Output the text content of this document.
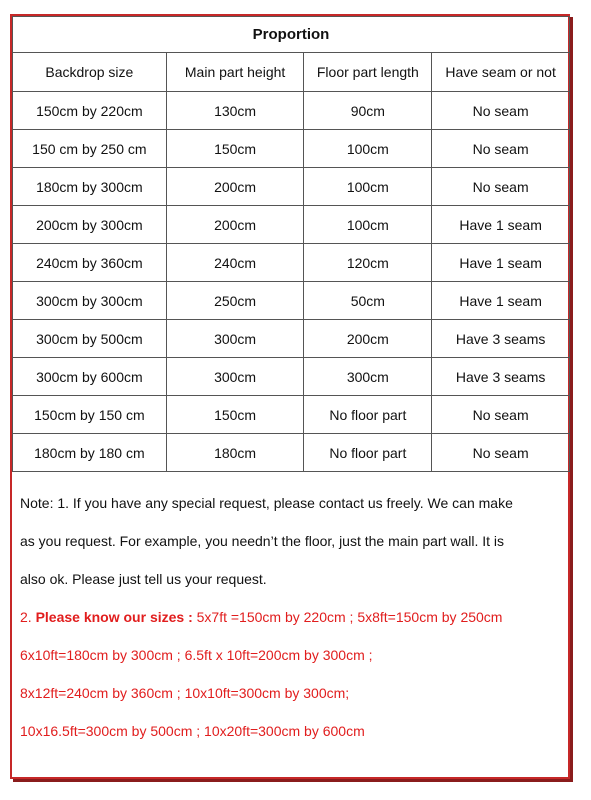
Proportion			
Backdrop size	Main part height	Floor part length	Have seam or not
150cm by 220cm	130cm	90cm	No seam
150 cm by 250 cm	150cm	100cm	No seam
180cm by 300cm	200cm	100cm	No seam
200cm by 300cm	200cm	100cm	Have 1 seam
240cm by 360cm	240cm	120cm	Have 1 seam
300cm by 300cm	250cm	50cm	Have 1 seam
300cm by 500cm	300cm	200cm	Have 3 seams
300cm by 600cm	300cm	300cm	Have 3 seams
150cm by 150 cm	150cm	No floor part	No seam
180cm by 180 cm	180cm	No floor part	No seam
Note: 1. If you have any special request, please contact us freely. We can make
as you request. For example, you needn’t the floor, just the main part wall. It is
also ok. Please just tell us your request.
2. Please know our sizes : 5x7ft =150cm by 220cm ; 5x8ft=150cm by 250cm
6x10ft=180cm by 300cm ; 6.5ft x 10ft=200cm by 300cm ;
8x12ft=240cm by 360cm ; 10x10ft=300cm by 300cm;
10x16.5ft=300cm by 500cm ; 10x20ft=300cm by 600cm
